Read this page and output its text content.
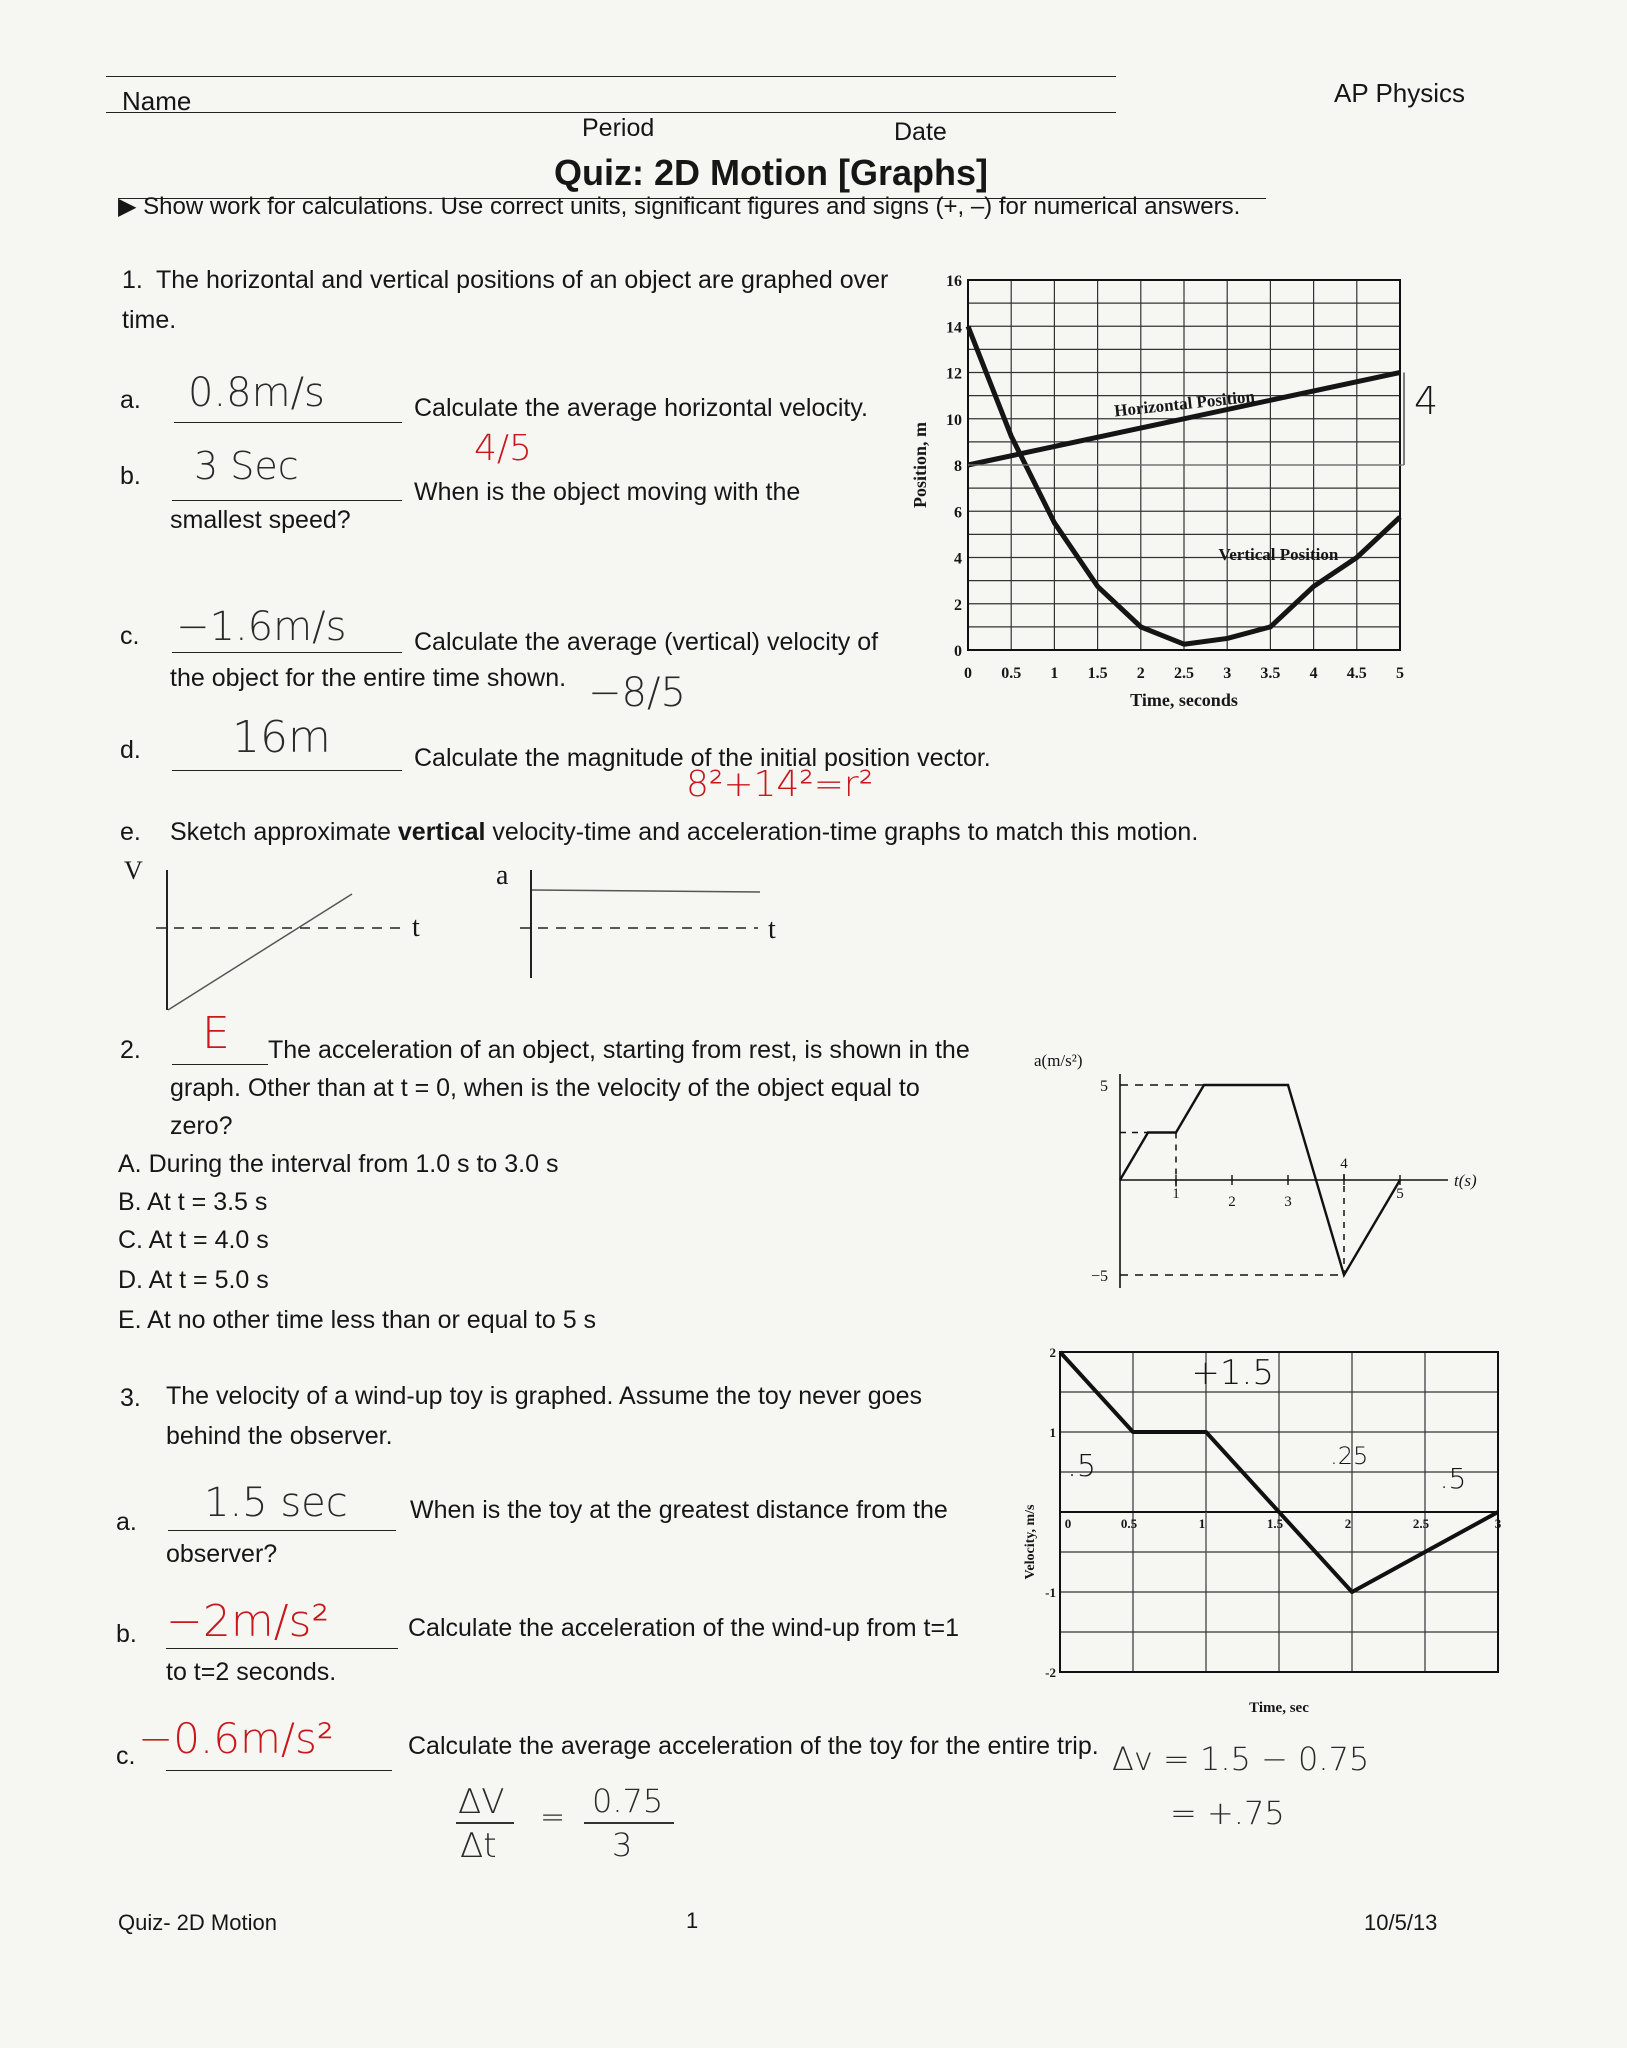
Name
Period	Date
AP Physics
Quiz: 2D Motion [Graphs]
▶ Show work for calculations. Use correct units, significant figures and signs (+, –) for numerical answers.
1. The horizontal and vertical positions of an object are graphed over
time.
a. 0.8m/s	Calculate the average horizontal velocity.
4/5
b. 3 Sec
When is the object moving with the
smallest speed?
c. −1.6m/s	Calculate the average (vertical) velocity of
the object for the entire time shown. −8/5
d. 16m	Calculate the magnitude of the initial position vector.
8²+14²=r²
e. Sketch approximate vertical velocity-time and acceleration-time graphs to match this motion.
V	a
t	t
0
2
4
6
8
10
12
14
16
0 0.5 1 1.5 2 2.5 3 3.5 4 4.5 5
Time, seconds
Position, m
Horizontal Position
Vertical Position
4
2. E The acceleration of an object, starting from rest, is shown in the
graph. Other than at t = 0, when is the velocity of the object equal to
zero?
A. During the interval from 1.0 s to 3.0 s
B. At t = 3.5 s
C. At t = 4.0 s
D. At t = 5.0 s
E. At no other time less than or equal to 5 s
a(m/s²)
t(s)
5
−5
1	2	3
4
5
3. The velocity of a wind-up toy is graphed. Assume the toy never goes
behind the observer.
a. 1.5 sec When is the toy at the greatest distance from the
observer?
b. −2m/s²	Calculate the acceleration of the wind-up from t=1
to t=2 seconds.
c. −0.6m/s²	Calculate the average acceleration of the toy for the entire trip.
ΔV
Δt
= 0.75
3
Δv = 1.5 − 0.75
= +.75
2
1
-1
-2
0	0.5	1	1.5	2	2.5	3
Time, sec
Velocity, m/s
+1.5
.5	.25
.5
Quiz- 2D Motion	1	10/5/13
